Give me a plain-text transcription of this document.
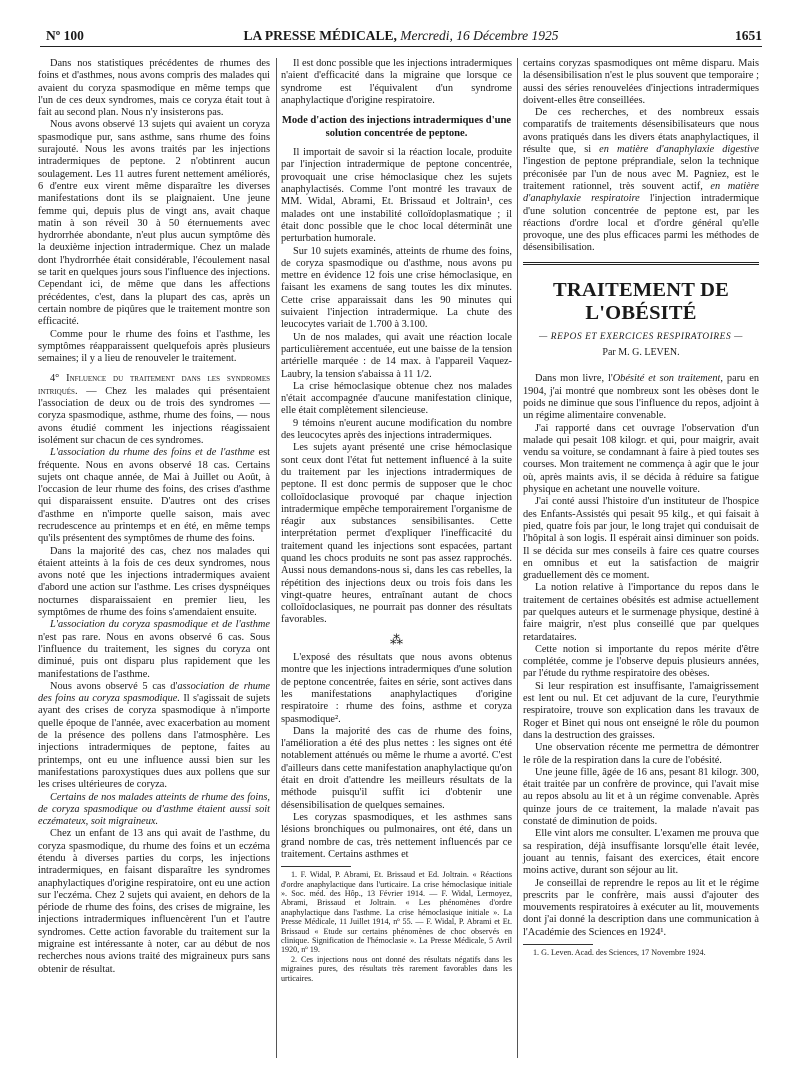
Nº 100	LA PRESSE MÉDICALE, Mercredi, 16 Décembre 1925	1651

Dans nos statistiques précédentes de rhumes des foins et d'asthmes, nous avons compris des malades qui avaient du coryza spasmodique en même temps que l'un de ces deux syndromes, mais ce coryza était tout à fait au second plan. Nous n'y insisterons pas.

Nous avons observé 13 sujets qui avaient un coryza spasmodique pur, sans asthme, sans rhume des foins surajouté. Nous les avons traités par les injections intradermiques de peptone. 2 n'obtinrent aucun soulagement. Les 11 autres furent nettement améliorés, 6 d'entre eux virent même disparaître les diverses manifestations dont ils se plaignaient. Une jeune femme qui, depuis plus de vingt ans, avait chaque matin à son réveil 30 à 50 éternuements avec hydrorrhée abondante, n'eut plus aucun symptôme dès la deuxième injection intradermique. Chez un malade dont l'hydrorrhée était considérable, l'écoulement nasal se tarit en quelques jours sous l'influence des injections. Cependant ici, de même que dans les affections précédentes, c'est, dans la plupart des cas, après un certain nombre de piqûres que le traitement montre son efficacité.

Comme pour le rhume des foins et l'asthme, les symptômes réapparaissent quelquefois après plusieurs semaines; il y a lieu de renouveler le traitement.

4° Influence du traitement dans les syndromes intriqués. — Chez les malades qui présentaient l'association de deux ou de trois des syndromes — coryza spasmodique, asthme, rhume des foins, — nous avons étudié comment les injections réagissaient isolément sur chacun de ces syndromes.

L'association du rhume des foins et de l'asthme est fréquente. Nous en avons observé 18 cas. Certains sujets ont chaque année, de Mai à Juillet ou Août, à l'occasion de leur rhume des foins, des crises d'asthme qui disparaissent ensuite. D'autres ont des crises d'asthme en n'importe quelle saison, mais avec recrudescence au printemps et en été, en même temps qu'ils présentent des symptômes de rhume des foins.

Dans la majorité des cas, chez nos malades qui étaient atteints à la fois de ces deux syndromes, nous avons noté que les injections intradermiques avaient d'abord une action sur l'asthme. Les crises dyspnéiques nocturnes disparaissaient en premier lieu, les symptômes de rhume des foins s'amendaient ensuite.

L'association du coryza spasmodique et de l'asthme n'est pas rare. Nous en avons observé 6 cas. Sous l'influence du traitement, les signes du coryza ont diminué, puis ont disparu plus rapidement que les manifestations de l'asthme.

Nous avons observé 5 cas d'association de rhume des foins au coryza spasmodique. Il s'agissait de sujets ayant des crises de coryza spasmodique à n'importe quelle époque de l'année, avec exacerbation au moment de la présence des pollens dans l'atmosphère. Les injections intradermiques de peptone, faites au printemps, ont eu une influence aussi bien sur les manifestations paroxystiques dues aux pollens que sur les crises ultérieures de coryza.

Certains de nos malades atteints de rhume des foins, de coryza spasmodique ou d'asthme étaient aussi soit eczémateux, soit migraineux.

Chez un enfant de 13 ans qui avait de l'asthme, du coryza spasmodique, du rhume des foins et un eczéma étendu à diverses parties du corps, les injections intradermiques, en faisant disparaître les syndromes anaphylactiques d'origine respiratoire, ont eu une action sur l'eczéma. Chez 2 sujets qui avaient, en dehors de la période de rhume des foins, des crises de migraine, les injections intradermiques influencèrent l'un et l'autre syndromes. Cette action favorable du traitement sur la migraine est intéressante à noter, car au début de nos recherches nous avions traité des migraineux purs sans obtenir de résultat.

Il est donc possible que les injections intradermiques n'aient d'efficacité dans la migraine que lorsque ce syndrome est l'équivalent d'un syndrome anaphylactique d'origine respiratoire.

Mode d'action des injections intradermiques d'une solution concentrée de peptone.

Il importait de savoir si la réaction locale, produite par l'injection intradermique de peptone concentrée, provoquait une crise hémoclasique chez les sujets anaphylactisés. Comme l'ont montré les travaux de MM. Widal, Abrami, Et. Brissaud et Joltrain¹, ces malades ont une instabilité colloïdoplasmatique ; il était donc possible que le choc local déterminât une perturbation humorale.

Sur 10 sujets examinés, atteints de rhume des foins, de coryza spasmodique ou d'asthme, nous avons pu mettre en évidence 12 fois une crise hémoclasique, en faisant les examens de sang toutes les dix minutes. Cette crise apparaissait dans les 90 minutes qui suivaient l'injection intradermique. La chute des leucocytes variait de 1.700 à 3.100.

Un de nos malades, qui avait une réaction locale particulièrement accentuée, eut une baisse de la tension artérielle marquée : de 14 max. à l'appareil Vaquez-Laubry, la tension s'abaissa à 11 1/2.

La crise hémoclasique obtenue chez nos malades n'était accompagnée d'aucune manifestation clinique, elle était complètement silencieuse.

9 témoins n'eurent aucune modification du nombre des leucocytes après des injections intradermiques.

Les sujets ayant présenté une crise hémoclasique sont ceux dont l'état fut nettement influencé à la suite du traitement par les injections intradermiques de peptone. Il est donc permis de supposer que le choc colloïdoclasique provoqué par chaque injection intradermique empêche temporairement l'organisme de réagir aux substances sensibilisantes. Cette interprétation permet d'expliquer l'inefficacité du traitement quand les injections sont espacées, partant quand les chocs produits ne sont pas assez rapprochés. Aussi nous demandons-nous si, dans les cas rebelles, la répétition des injections deux ou trois fois dans les vingt-quatre heures, entraînant autant de chocs colloïdoclasiques, ne pourrait pas donner des résultats favorables.

⁂

L'exposé des résultats que nous avons obtenus montre que les injections intradermiques d'une solution de peptone concentrée, faites en série, sont actives dans les manifestations anaphylactiques d'origine respiratoire : rhume des foins, asthme et coryza spasmodique².

Dans la majorité des cas de rhume des foins, l'amélioration a été des plus nettes : les signes ont été notablement atténués ou même le rhume a avorté. C'est d'ailleurs dans cette manifestation anaphylactique qu'on était en droit d'attendre les meilleurs résultats de la méthode puisqu'il suffit ici d'obtenir une désensibilisation de quelques semaines.

Les coryzas spasmodiques, et les asthmes sans lésions bronchiques ou pulmonaires, ont été, dans un grand nombre de cas, très nettement influencés par ce traitement. Certains asthmes et

1. F. Widal, P. Abrami, Et. Brissaud et Ed. Joltrain. « Réactions d'ordre anaphylactique dans l'urticaire. La crise hémoclasique initiale ». Soc. méd. des Hôp., 13 Février 1914. — F. Widal, Lermoyez, Abrami, Brissaud et Joltrain. « Les phénomènes d'ordre anaphylactique dans l'asthme. La crise hémoclasique initiale ». La Presse Médicale, 11 Juillet 1914, nº 55. — F. Widal, P. Abrami et Et. Brissaud « Etude sur certains phénomènes de choc observés en clinique. Signification de l'hémoclasie ». La Presse Médicale, 5 Avril 1920, nº 19.

2. Ces injections nous ont donné des résultats négatifs dans les migraines pures, des résultats très rarement favorables dans les urticaires.

certains coryzas spasmodiques ont même disparu. Mais la désensibilisation n'est le plus souvent que temporaire ; aussi des séries renouvelées d'injections intradermiques doivent-elles être conseillées.

De ces recherches, et des nombreux essais comparatifs de traitements désensibilisateurs que nous avons pratiqués dans les divers états anaphylactiques, il résulte que, si en matière d'anaphylaxie digestive l'ingestion de peptone préprandiale, selon la technique préconisée par l'un de nous avec M. Pagniez, est le traitement rationnel, très souvent actif, en matière d'anaphylaxie respiratoire l'injection intradermique d'une solution concentrée de peptone est, par les réactions d'ordre local et d'ordre général qu'elle provoque, une des plus efficaces parmi les méthodes de désensibilisation.

TRAITEMENT DE L'OBÉSITÉ

— REPOS ET EXERCICES RESPIRATOIRES —

Par M. G. LEVEN.

Dans mon livre, l'Obésité et son traitement, paru en 1904, j'ai montré que nombreux sont les obèses dont le poids ne diminue que sous l'influence du repos, adjoint à un régime alimentaire convenable.

J'ai rapporté dans cet ouvrage l'observation d'un malade qui pesait 108 kilogr. et qui, pour maigrir, avait vendu sa voiture, se condamnant à faire à pied toutes ses courses. Mon traitement ne commença à agir que le jour où, après maints avis, il se décida à réduire sa fatigue physique en achetant une nouvelle voiture.

J'ai conté aussi l'histoire d'un instituteur de l'hospice des Enfants-Assistés qui pesait 95 kilg., et qui faisait à pied, quatre fois par jour, le long trajet qui conduisait de l'hôpital à son logis. Il espérait ainsi diminuer son poids. Il se décida sur mes conseils à faire ces quatre courses en omnibus et eut la satisfaction de maigrir graduellement dès ce moment.

La notion relative à l'importance du repos dans le traitement de certaines obésités est admise actuellement par quelques auteurs et le surmenage physique, destiné à faire maigrir, n'est plus conseillé que par quelques retardataires.

Cette notion si importante du repos mérite d'être complétée, comme je l'observe depuis plusieurs années, par l'étude du rythme respiratoire des obèses.

Si leur respiration est insuffisante, l'amaigrissement est lent ou nul. Et cet adjuvant de la cure, l'eurythmie respiratoire, trouve son explication dans les travaux de Roger et Binet qui nous ont enseigné le rôle du poumon dans la destruction des graisses.

Une observation récente me permettra de démontrer le rôle de la respiration dans la cure de l'obésité.

Une jeune fille, âgée de 16 ans, pesant 81 kilogr. 300, était traitée par un confrère de province, qui l'avait mise au repos absolu au lit et à un régime convenable. Après quinze jours de ce traitement, la malade n'avait pas constaté de diminution de poids.

Elle vint alors me consulter. L'examen me prouva que sa respiration, déjà insuffisante lorsqu'elle était levée, jouant au tennis, faisant des exercices, était encore moins active, durant son séjour au lit.

Je conseillai de reprendre le repos au lit et le régime prescrits par le confrère, mais aussi d'ajouter des mouvements respiratoires à exécuter au lit, mouvements dont j'ai donné la description dans une communication à l'Académie des Sciences en 1924¹.

1. G. Leven. Acad. des Sciences, 17 Novembre 1924.
